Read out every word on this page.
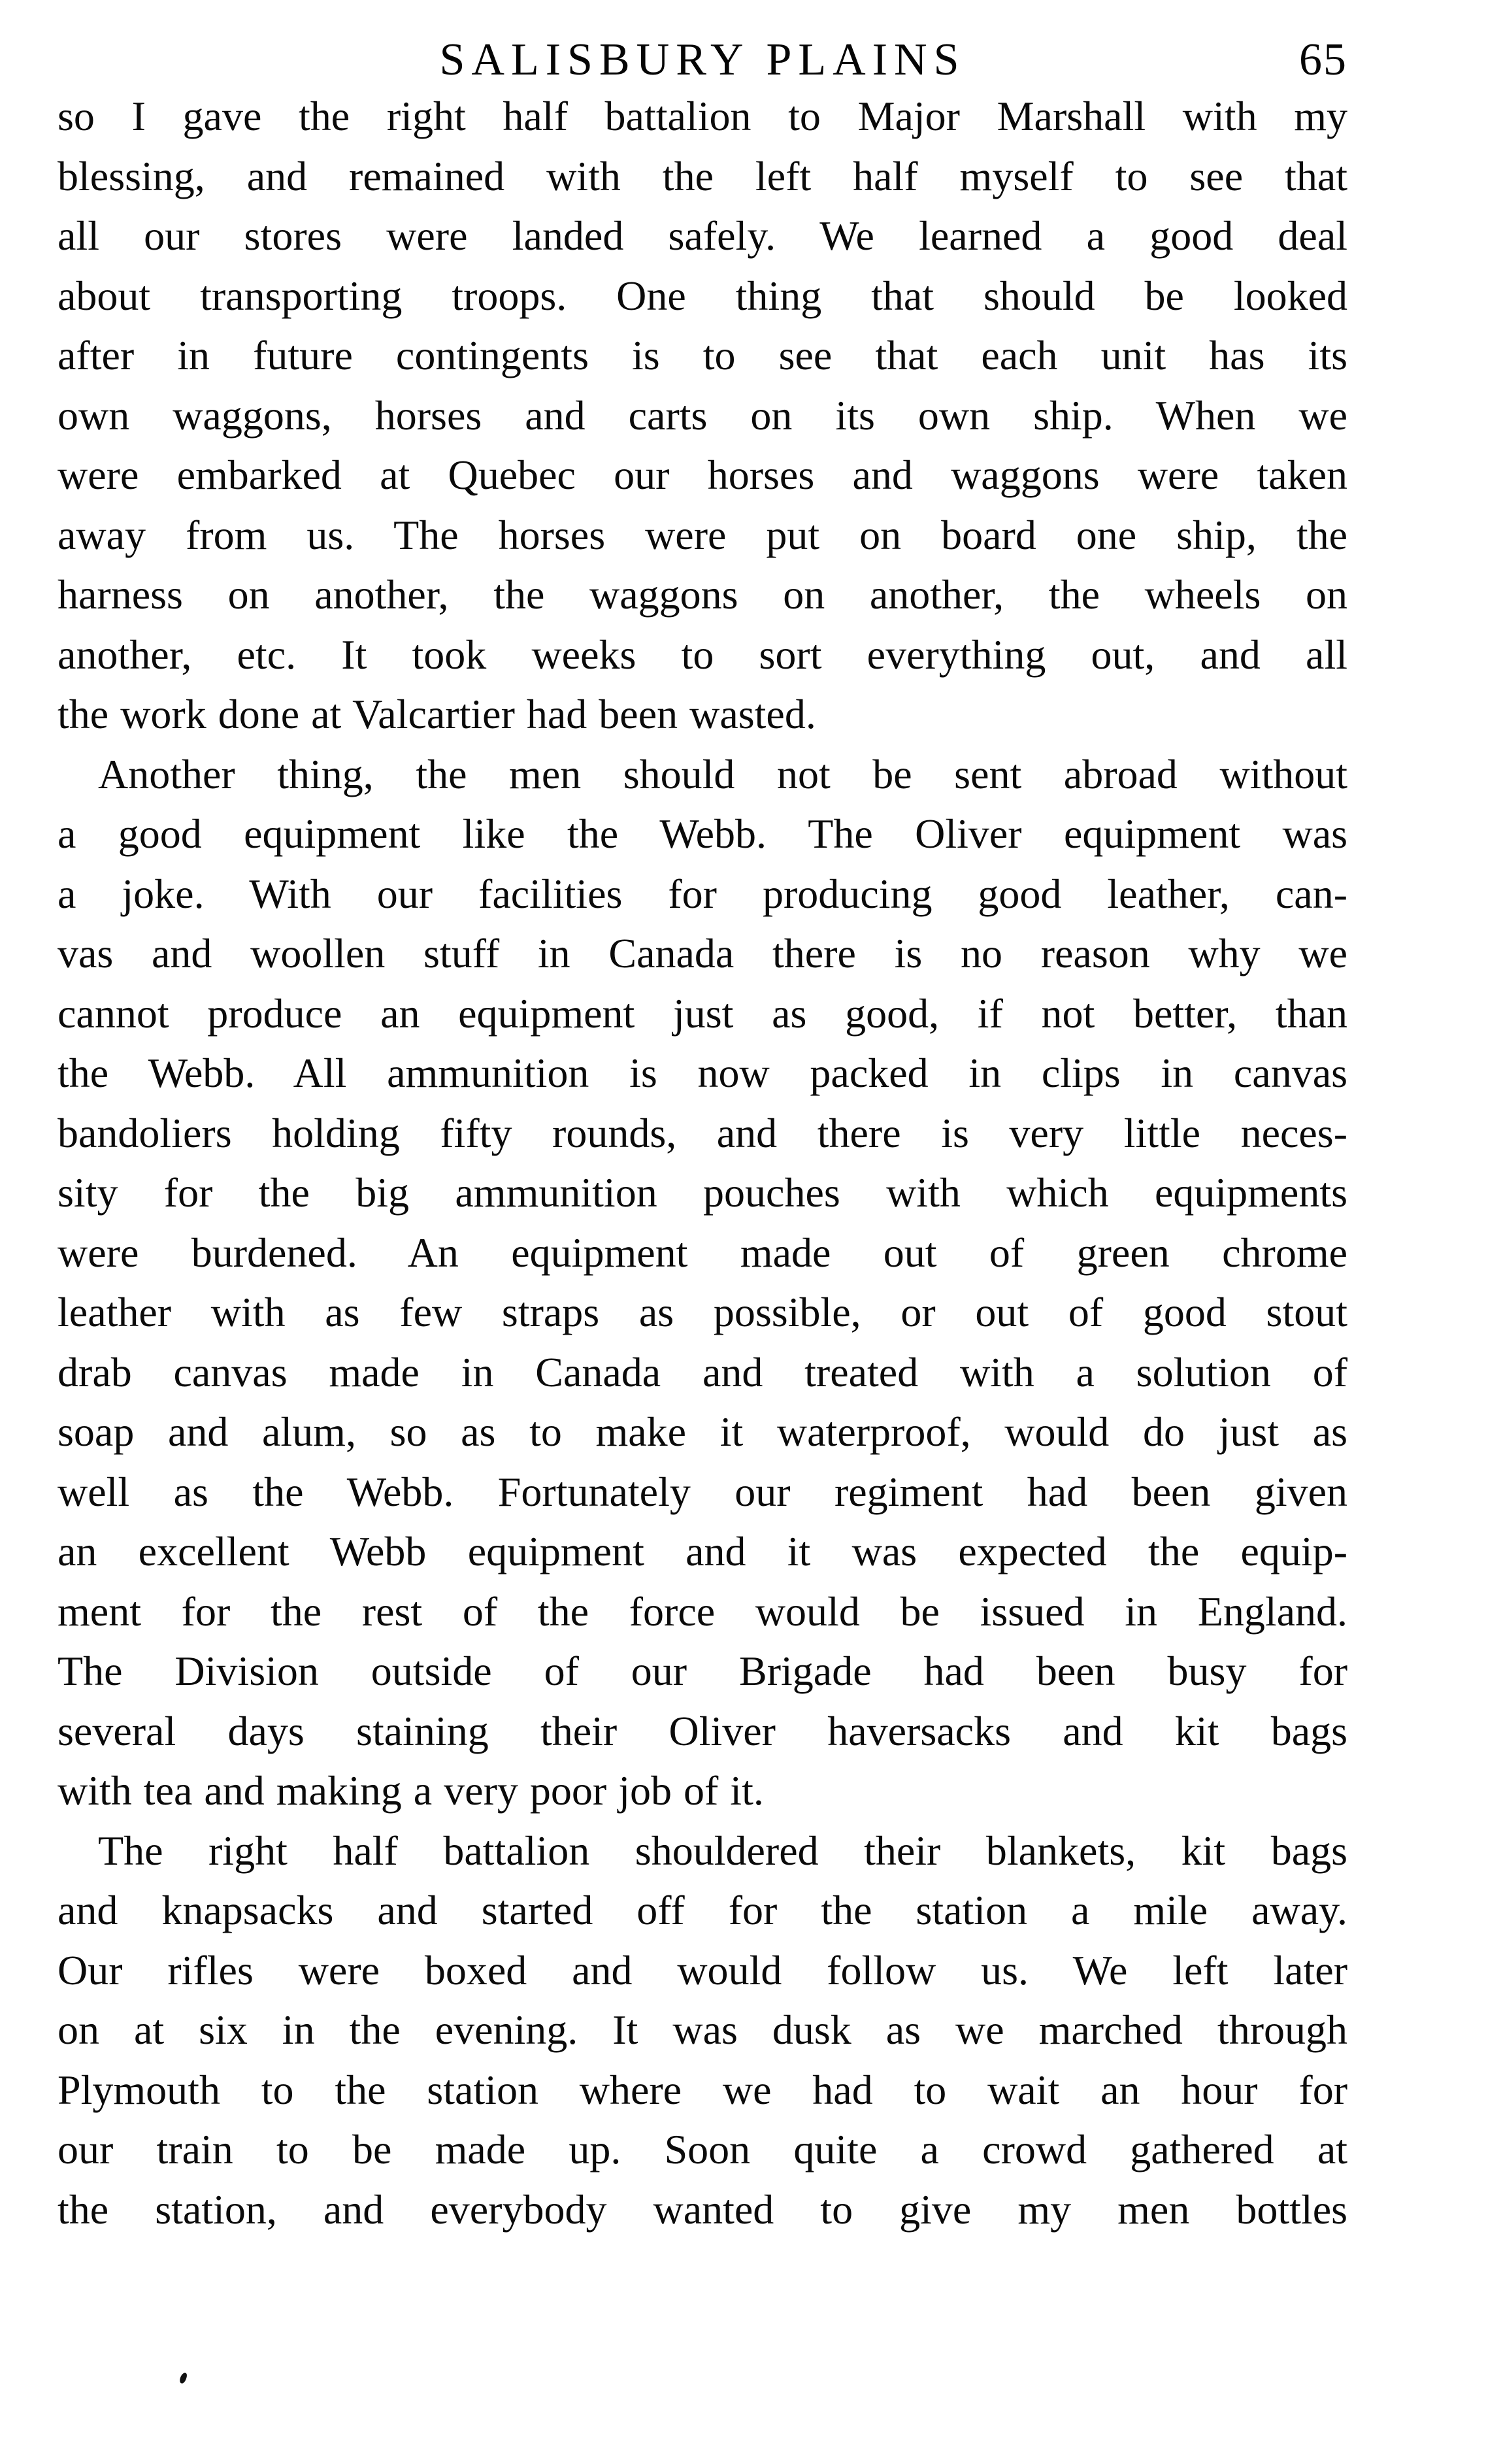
SALISBURY PLAINS	65
so I gave the right half battalion to Major Marshall with my
blessing, and remained with the left half myself to see that
all our stores were landed safely. We learned a good deal
about transporting troops. One thing that should be looked
after in future contingents is to see that each unit has its
own waggons, horses and carts on its own ship. When we
were embarked at Quebec our horses and waggons were taken
away from us. The horses were put on board one ship, the
harness on another, the waggons on another, the wheels on
another, etc. It took weeks to sort everything out, and all
the work done at Valcartier had been wasted.
Another thing, the men should not be sent abroad without
a good equipment like the Webb. The Oliver equipment was
a joke. With our facilities for producing good leather, can-
vas and woollen stuff in Canada there is no reason why we
cannot produce an equipment just as good, if not better, than
the Webb. All ammunition is now packed in clips in canvas
bandoliers holding fifty rounds, and there is very little neces-
sity for the big ammunition pouches with which equipments
were burdened. An equipment made out of green chrome
leather with as few straps as possible, or out of good stout
drab canvas made in Canada and treated with a solution of
soap and alum, so as to make it waterproof, would do just as
well as the Webb. Fortunately our regiment had been given
an excellent Webb equipment and it was expected the equip-
ment for the rest of the force would be issued in England.
The Division outside of our Brigade had been busy for
several days staining their Oliver haversacks and kit bags
with tea and making a very poor job of it.
The right half battalion shouldered their blankets, kit bags
and knapsacks and started off for the station a mile away.
Our rifles were boxed and would follow us. We left later
on at six in the evening. It was dusk as we marched through
Plymouth to the station where we had to wait an hour for
our train to be made up. Soon quite a crowd gathered at
the station, and everybody wanted to give my men bottles
